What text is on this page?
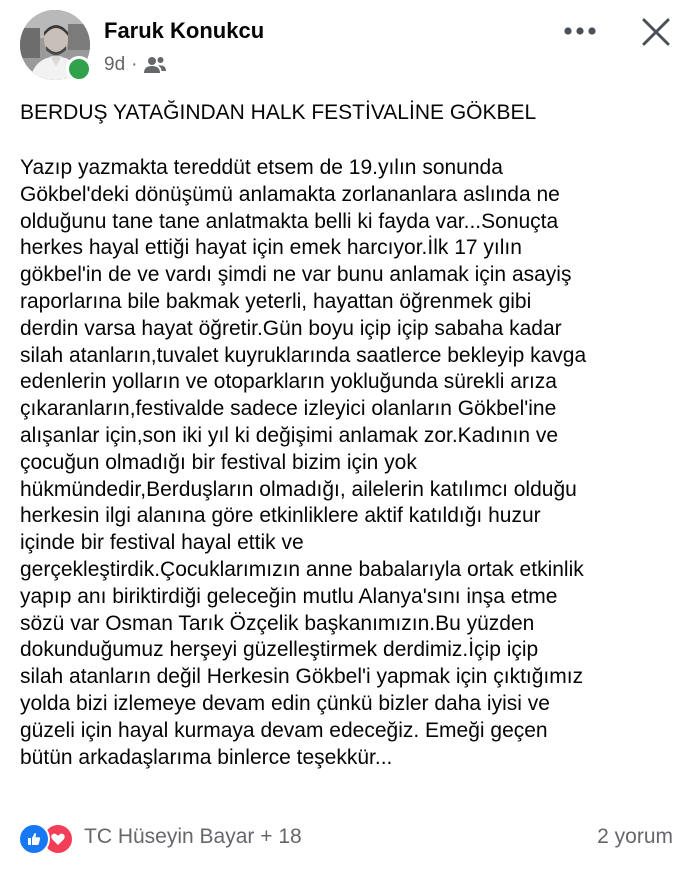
Faruk Konukcu
9d ·
BERDUŞ YATAĞINDAN HALK FESTİVALİNE GÖKBEL
Yazıp yazmakta tereddüt etsem de 19.yılın sonunda
Gökbel'deki dönüşümü anlamakta zorlananlara aslında ne
olduğunu tane tane anlatmakta belli ki fayda var...Sonuçta
herkes hayal ettiği hayat için emek harcıyor.İlk 17 yılın
gökbel'in de ve vardı şimdi ne var bunu anlamak için asayiş
raporlarına bile bakmak yeterli, hayattan öğrenmek gibi
derdin varsa hayat öğretir.Gün boyu içip içip sabaha kadar
silah atanların,tuvalet kuyruklarında saatlerce bekleyip kavga
edenlerin yolların ve otoparkların yokluğunda sürekli arıza
çıkaranların,festivalde sadece izleyici olanların Gökbel'ine
alışanlar için,son iki yıl ki değişimi anlamak zor.Kadının ve
çocuğun olmadığı bir festival bizim için yok
hükmündedir,Berduşların olmadığı, ailelerin katılımcı olduğu
herkesin ilgi alanına göre etkinliklere aktif katıldığı huzur
içinde bir festival hayal ettik ve
gerçekleştirdik.Çocuklarımızın anne babalarıyla ortak etkinlik
yapıp anı biriktirdiği geleceğin mutlu Alanya'sını inşa etme
sözü var Osman Tarık Özçelik başkanımızın.Bu yüzden
dokunduğumuz herşeyi güzelleştirmek derdimiz.İçip içip
silah atanların değil Herkesin Gökbel'i yapmak için çıktığımız
yolda bizi izlemeye devam edin çünkü bizler daha iyisi ve
güzeli için hayal kurmaya devam edeceğiz. Emeği geçen
bütün arkadaşlarıma binlerce teşekkür...
TC Hüseyin Bayar + 18	2 yorum
